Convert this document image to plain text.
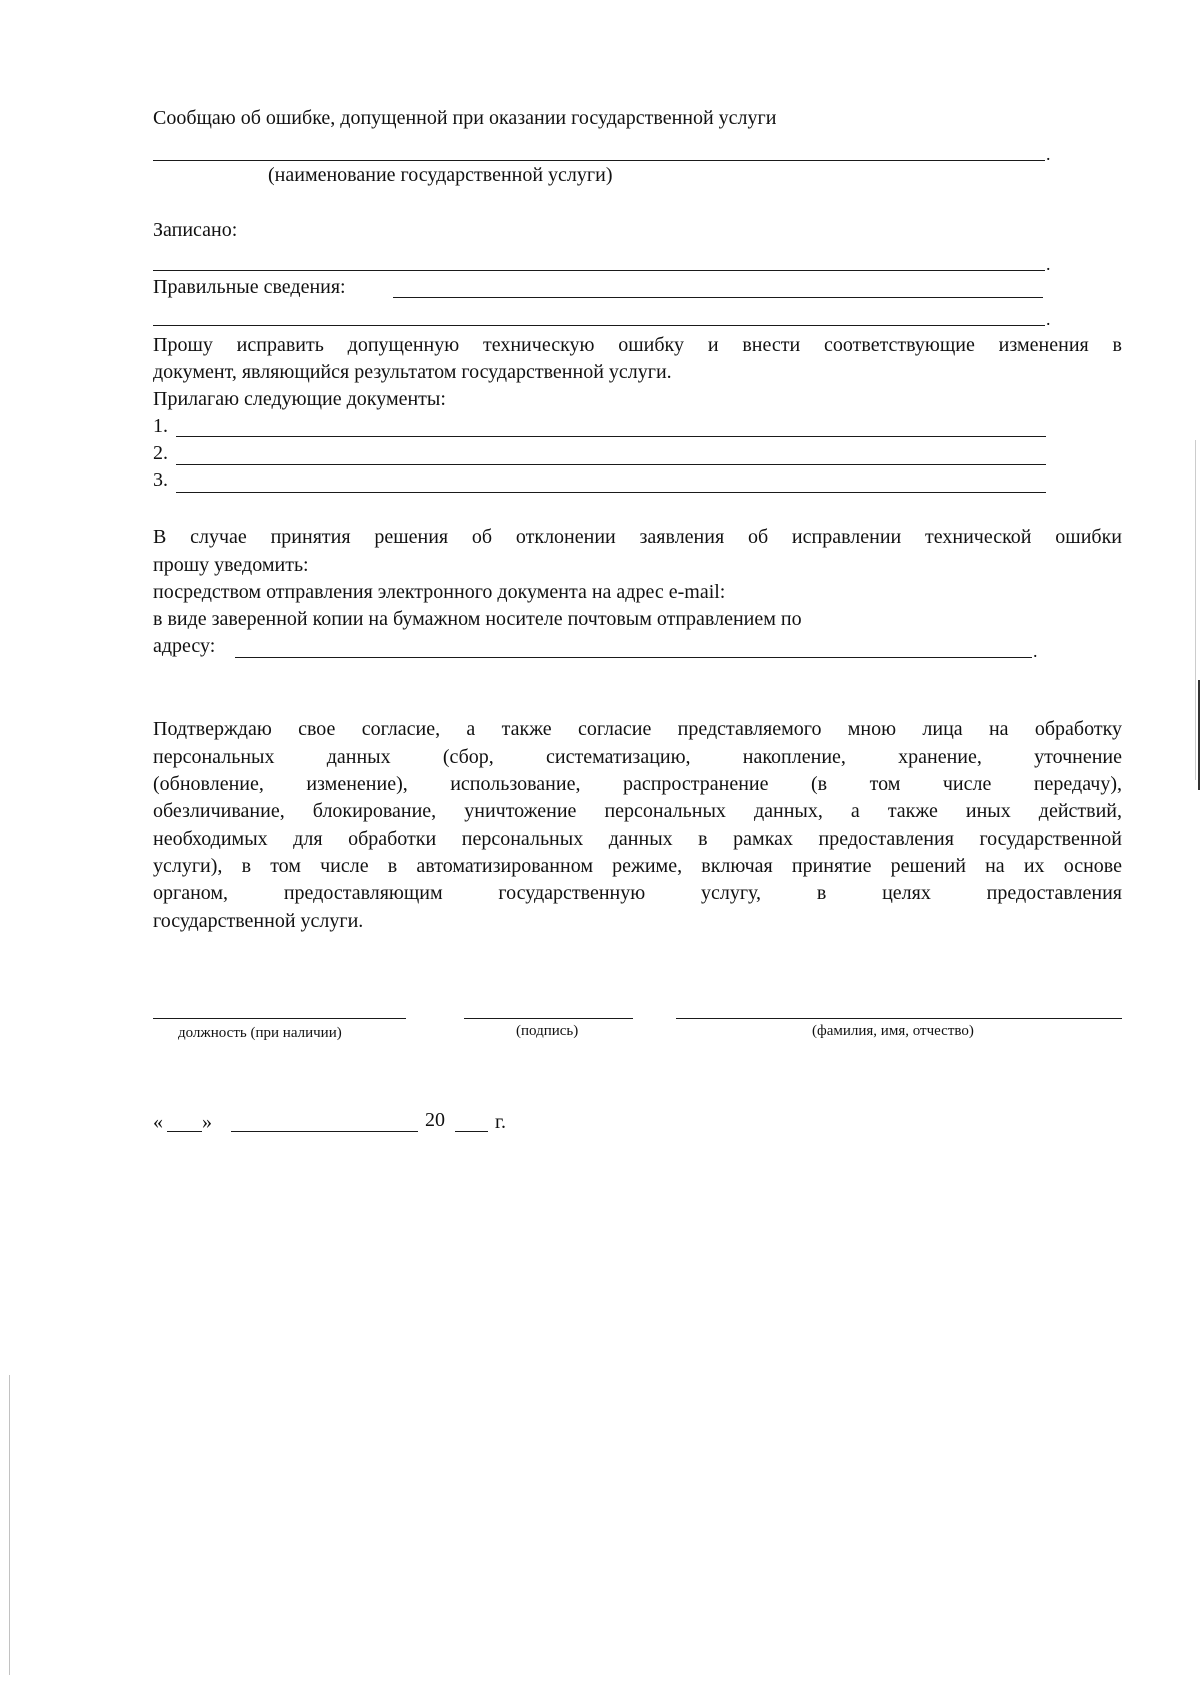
Сообщаю об ошибке, допущенной при оказании государственной услуги
.
(наименование государственной услуги)
Записано:
.
Правильные сведения:
.
Прошу исправить допущенную техническую ошибку и внести соответствующие изменения в
документ, являющийся результатом государственной услуги.
Прилагаю следующие документы:
1.
2.
3.
В случае принятия решения об отклонении заявления об исправлении технической ошибки
прошу уведомить:
посредством отправления электронного документа на адрес e-mail:
в виде заверенной копии на бумажном носителе почтовым отправлением по
адресу:	.
Подтверждаю свое согласие, а также согласие представляемого мною лица на обработку
персональных данных (сбор, систематизацию, накопление, хранение, уточнение
(обновление, изменение), использование, распространение (в том числе передачу),
обезличивание, блокирование, уничтожение персональных данных, а также иных действий,
необходимых для обработки персональных данных в рамках предоставления государственной
услуги), в том числе в автоматизированном режиме, включая принятие решений на их основе
органом, предоставляющим государственную услугу, в целях предоставления
государственной услуги.
должность (при наличии)	(подпись)	(фамилия, имя, отчество)
« »	20	г.
